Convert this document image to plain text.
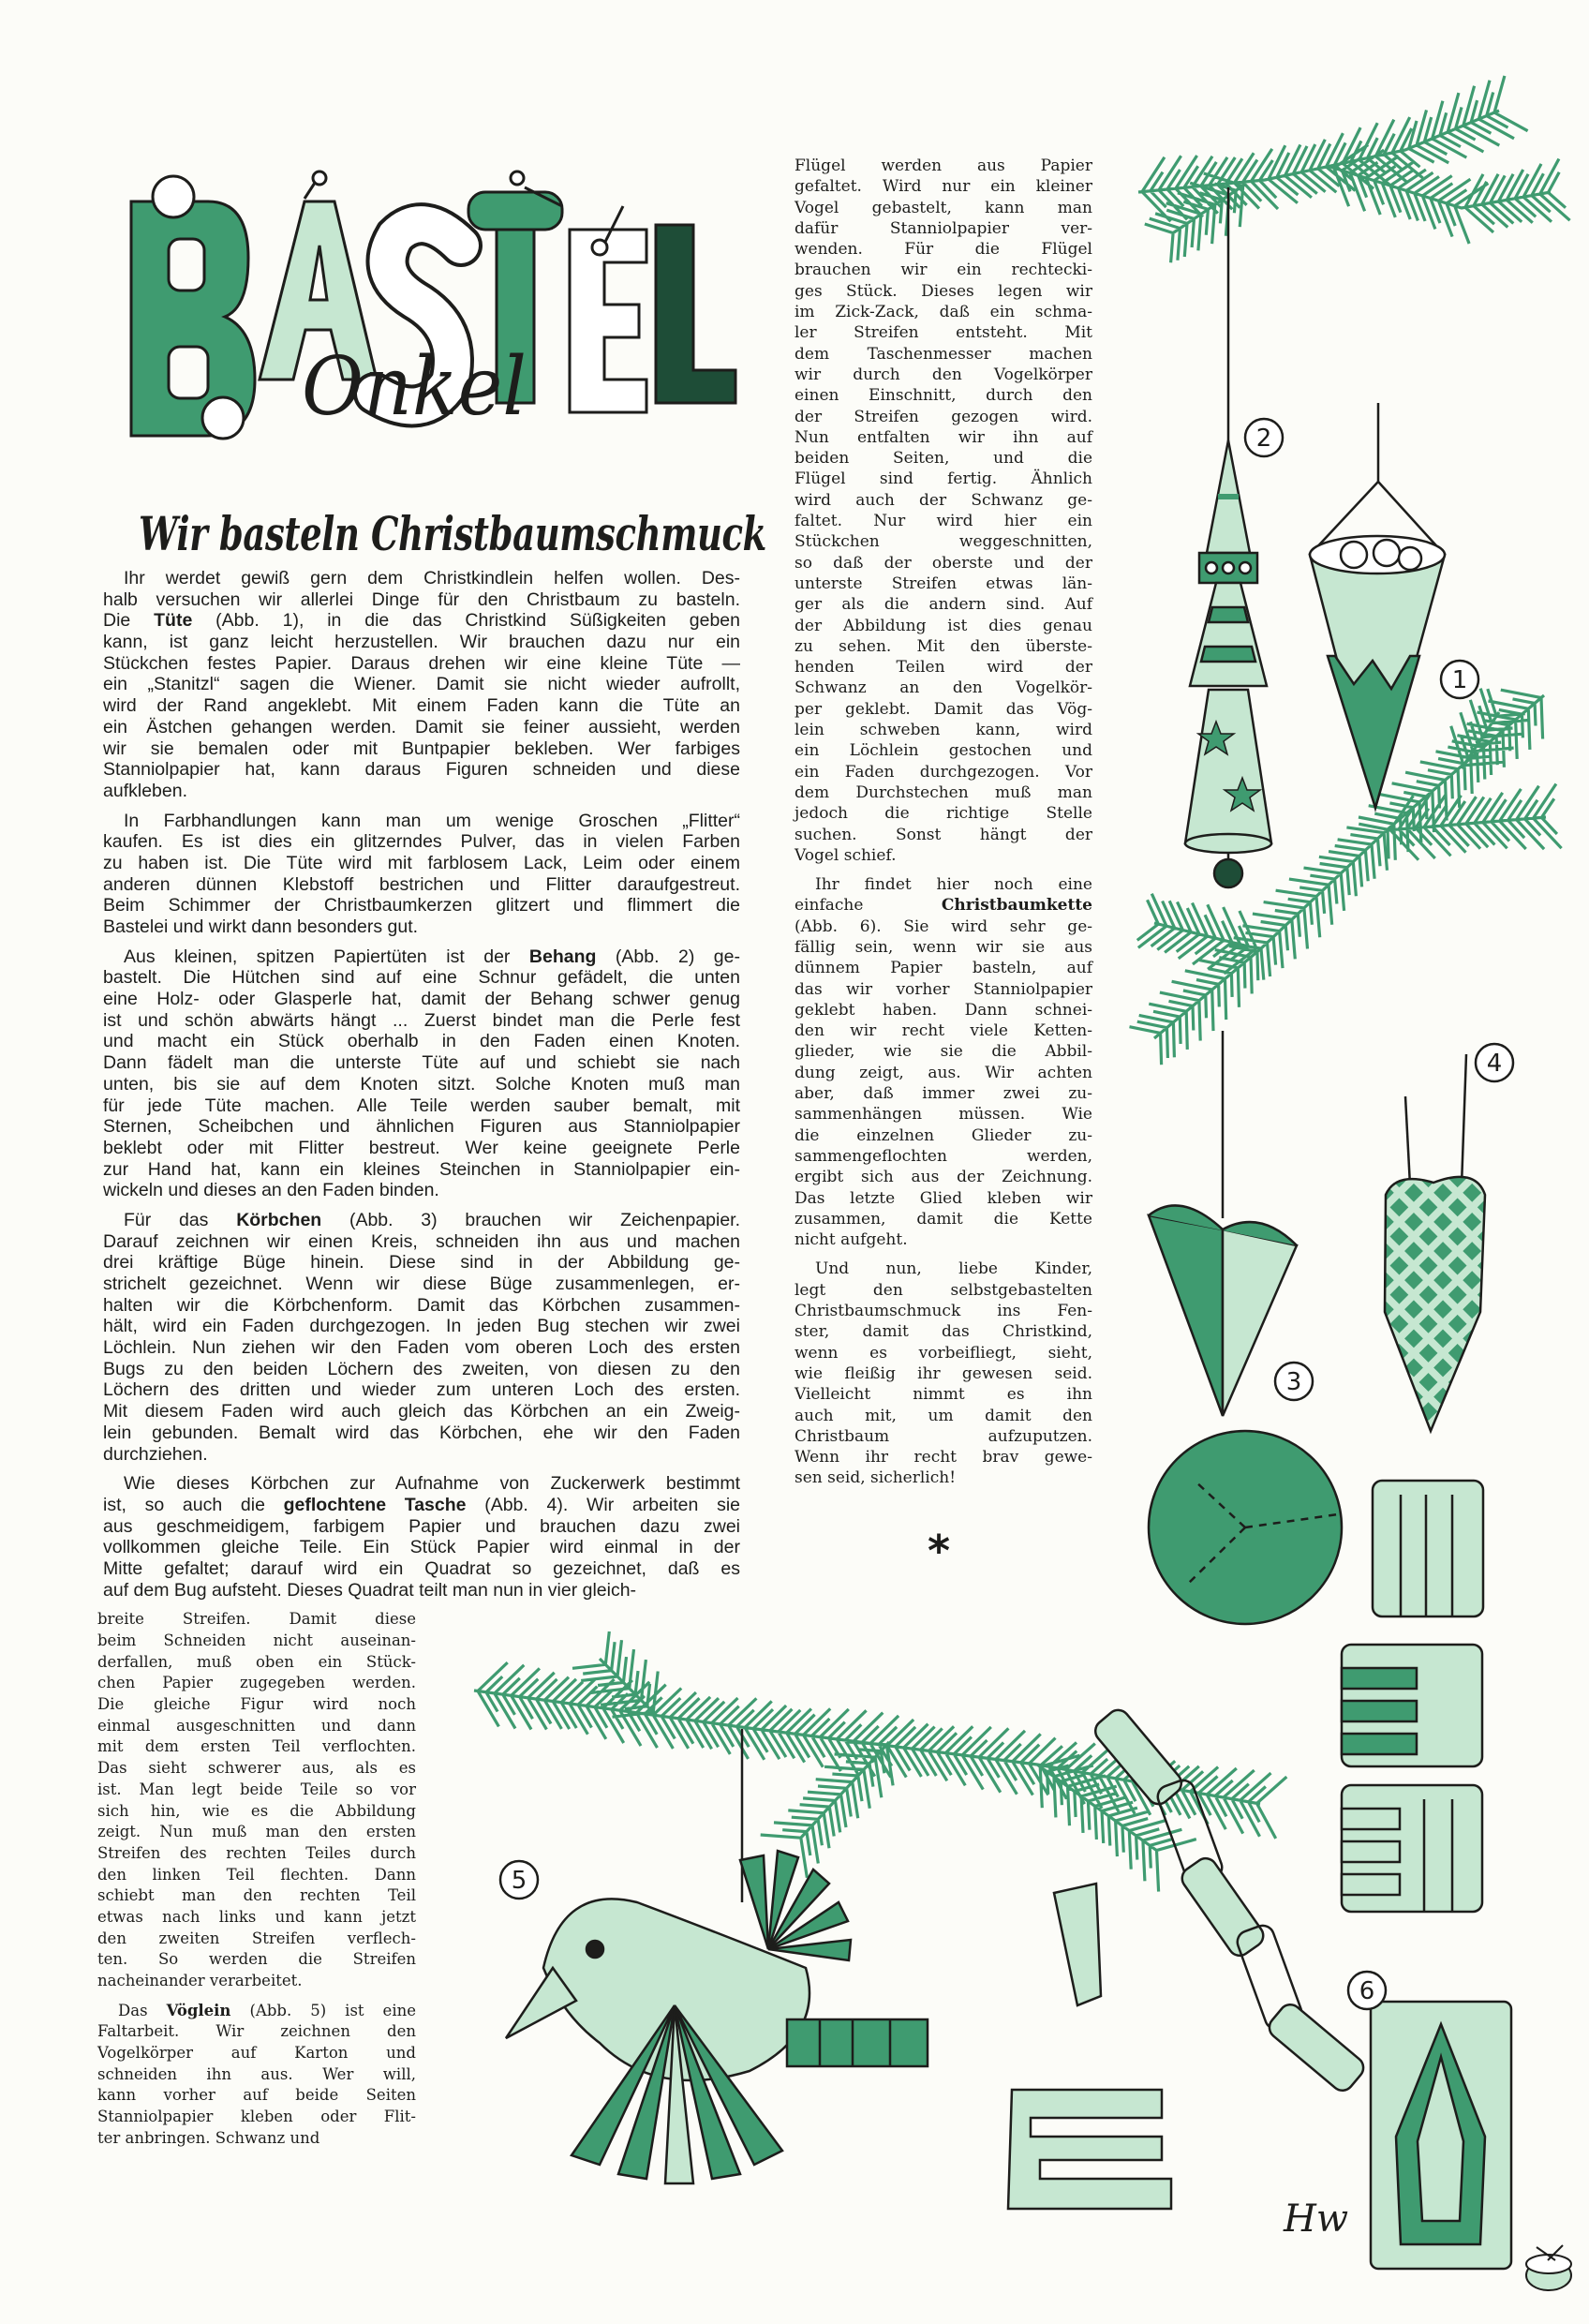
Onkel
1
2
3
4
5
6
Wir basteln Christbaumschmuck
Ihr werdet gewiß gern dem Christkindlein helfen wollen. Des-
halb versuchen wir allerlei Dinge für den Christbaum zu basteln.
Die Tüte (Abb. 1), in die das Christkind Süßigkeiten geben
kann, ist ganz leicht herzustellen. Wir brauchen dazu nur ein
Stückchen festes Papier. Daraus drehen wir eine kleine Tüte —
ein „Stanitzl“ sagen die Wiener. Damit sie nicht wieder aufrollt,
wird der Rand angeklebt. Mit einem Faden kann die Tüte an
ein Ästchen gehangen werden. Damit sie feiner aussieht, werden
wir sie bemalen oder mit Buntpapier bekleben. Wer farbiges
Stanniolpapier hat, kann daraus Figuren schneiden und diese
aufkleben.
In Farbhandlungen kann man um wenige Groschen „Flitter“
kaufen. Es ist dies ein glitzerndes Pulver, das in vielen Farben
zu haben ist. Die Tüte wird mit farblosem Lack, Leim oder einem
anderen dünnen Klebstoff bestrichen und Flitter daraufgestreut.
Beim Schimmer der Christbaumkerzen glitzert und flimmert die
Bastelei und wirkt dann besonders gut.
Aus kleinen, spitzen Papiertüten ist der Behang (Abb. 2) ge-
bastelt. Die Hütchen sind auf eine Schnur gefädelt, die unten
eine Holz- oder Glasperle hat, damit der Behang schwer genug
ist und schön abwärts hängt ... Zuerst bindet man die Perle fest
und macht ein Stück oberhalb in den Faden einen Knoten.
Dann fädelt man die unterste Tüte auf und schiebt sie nach
unten, bis sie auf dem Knoten sitzt. Solche Knoten muß man
für jede Tüte machen. Alle Teile werden sauber bemalt, mit
Sternen, Scheibchen und ähnlichen Figuren aus Stanniolpapier
beklebt oder mit Flitter bestreut. Wer keine geeignete Perle
zur Hand hat, kann ein kleines Steinchen in Stanniolpapier ein-
wickeln und dieses an den Faden binden.
Für das Körbchen (Abb. 3) brauchen wir Zeichenpapier.
Darauf zeichnen wir einen Kreis, schneiden ihn aus und machen
drei kräftige Büge hinein. Diese sind in der Abbildung ge-
strichelt gezeichnet. Wenn wir diese Büge zusammenlegen, er-
halten wir die Körbchenform. Damit das Körbchen zusammen-
hält, wird ein Faden durchgezogen. In jeden Bug stechen wir zwei
Löchlein. Nun ziehen wir den Faden vom oberen Loch des ersten
Bugs zu den beiden Löchern des zweiten, von diesen zu den
Löchern des dritten und wieder zum unteren Loch des ersten.
Mit diesem Faden wird auch gleich das Körbchen an ein Zweig-
lein gebunden. Bemalt wird das Körbchen, ehe wir den Faden
durchziehen.
Wie dieses Körbchen zur Aufnahme von Zuckerwerk bestimmt
ist, so auch die geflochtene Tasche (Abb. 4). Wir arbeiten sie
aus geschmeidigem, farbigem Papier und brauchen dazu zwei
vollkommen gleiche Teile. Ein Stück Papier wird einmal in der
Mitte gefaltet; darauf wird ein Quadrat so gezeichnet, daß es
auf dem Bug aufsteht. Dieses Quadrat teilt man nun in vier gleich-
breite Streifen. Damit diese
beim Schneiden nicht auseinan-
derfallen, muß oben ein Stück-
chen Papier zugegeben werden.
Die gleiche Figur wird noch
einmal ausgeschnitten und dann
mit dem ersten Teil verflochten.
Das sieht schwerer aus, als es
ist. Man legt beide Teile so vor
sich hin, wie es die Abbildung
zeigt. Nun muß man den ersten
Streifen des rechten Teiles durch
den linken Teil flechten. Dann
schiebt man den rechten Teil
etwas nach links und kann jetzt
den zweiten Streifen verflech-
ten. So werden die Streifen
nacheinander verarbeitet.
Das Vöglein (Abb. 5) ist eine
Faltarbeit. Wir zeichnen den
Vogelkörper auf Karton und
schneiden ihn aus. Wer will,
kann vorher auf beide Seiten
Stanniolpapier kleben oder Flit-
ter anbringen. Schwanz und
Flügel werden aus Papier
gefaltet. Wird nur ein kleiner
Vogel gebastelt, kann man
dafür Stanniolpapier ver-
wenden. Für die Flügel
brauchen wir ein rechtecki-
ges Stück. Dieses legen wir
im Zick-Zack, daß ein schma-
ler Streifen entsteht. Mit
dem Taschenmesser machen
wir durch den Vogelkörper
einen Einschnitt, durch den
der Streifen gezogen wird.
Nun entfalten wir ihn auf
beiden Seiten, und die
Flügel sind fertig. Ähnlich
wird auch der Schwanz ge-
faltet. Nur wird hier ein
Stückchen weggeschnitten,
so daß der oberste und der
unterste Streifen etwas län-
ger als die andern sind. Auf
der Abbildung ist dies genau
zu sehen. Mit den überste-
henden Teilen wird der
Schwanz an den Vogelkör-
per geklebt. Damit das Vög-
lein schweben kann, wird
ein Löchlein gestochen und
ein Faden durchgezogen. Vor
dem Durchstechen muß man
jedoch die richtige Stelle
suchen. Sonst hängt der
Vogel schief.
Ihr findet hier noch eine
einfache Christbaumkette
(Abb. 6). Sie wird sehr ge-
fällig sein, wenn wir sie aus
dünnem Papier basteln, auf
das wir vorher Stanniolpapier
geklebt haben. Dann schnei-
den wir recht viele Ketten-
glieder, wie sie die Abbil-
dung zeigt, aus. Wir achten
aber, daß immer zwei zu-
sammenhängen müssen. Wie
die einzelnen Glieder zu-
sammengeflochten werden,
ergibt sich aus der Zeichnung.
Das letzte Glied kleben wir
zusammen, damit die Kette
nicht aufgeht.
Und nun, liebe Kinder,
legt den selbstgebastelten
Christbaumschmuck ins Fen-
ster, damit das Christkind,
wenn es vorbeifliegt, sieht,
wie fleißig ihr gewesen seid.
Vielleicht nimmt es ihn
auch mit, um damit den
Christbaum aufzuputzen.
Wenn ihr recht brav gewe-
sen seid, sicherlich!
*
Hw
